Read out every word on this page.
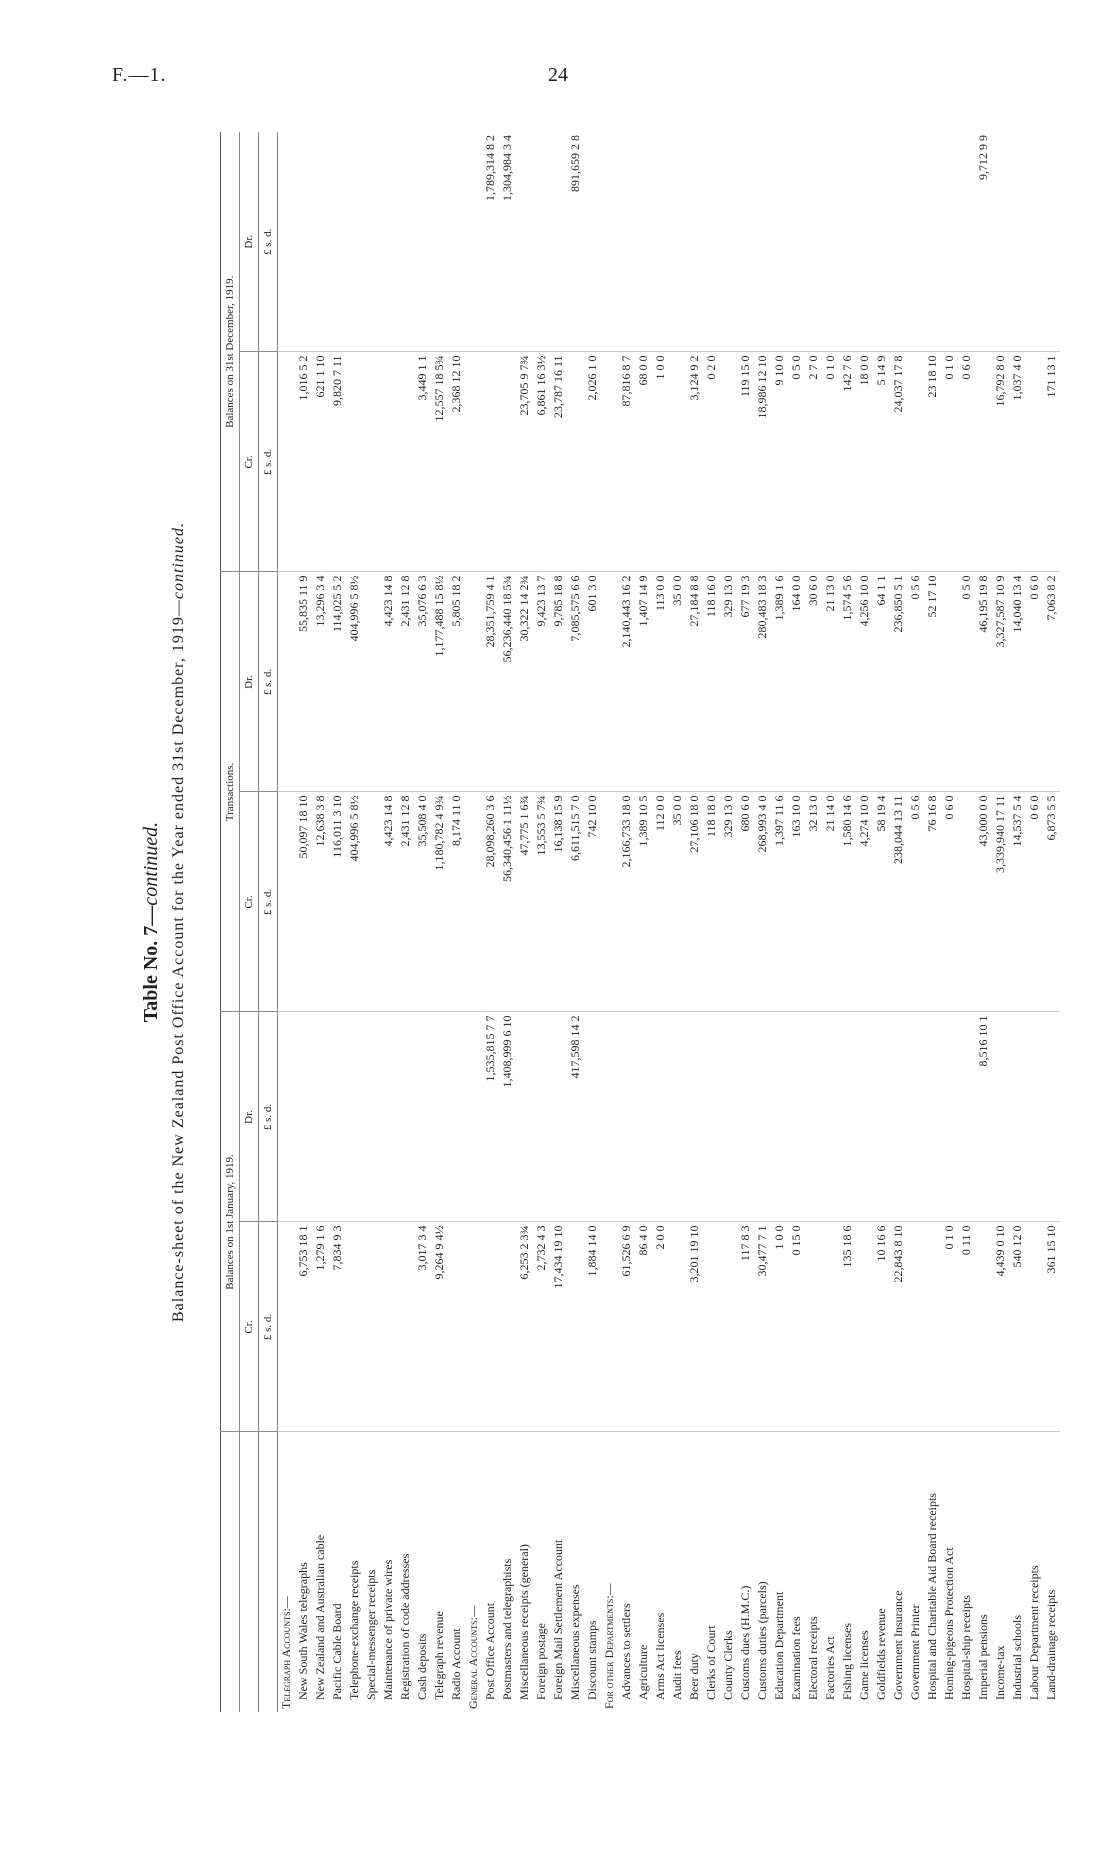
F.—1.	24
Table No. 7—continued. Balance-sheet of the New Zealand Post Office Account for the Year ended 31st December, 1919—continued.
	Balances on 1st January, 1919.		Transactions.		Balances on 31st December, 1919.	
	Cr.	Dr.	Cr.	Dr.	Cr.	Dr.
	£ s. d.	£ s. d.	£ s. d.	£ s. d.	£ s. d.	£ s. d.
Telegraph Accounts:—						
New South Wales telegraphs	6,753 18 1		50,097 18 10	55,835 11 9	1,016 5 2	
New Zealand and Australian cable	1,279 1 6		12,638 3 8	13,296 3 4	621 1 10	
Pacific Cable Board	7,834 9 3		116,011 3 10	114,025 5 2	9,820 7 11	
Telephone-exchange receipts			404,996 5 8½	404,996 5 8½		
Special-messenger receipts						
Maintenance of private wires			4,423 14 8	4,423 14 8		
Registration of code addresses			2,431 12 8	2,431 12 8		
Cash deposits	3,017 3 4		35,508 4 0	35,076 6 3	3,449 1 1	
Telegraph revenue	9,264 9 4½		1,180,782 4 9¾	1,177,488 15 8½	12,557 18 5¾	
Radio Account			8,174 11 0	5,805 18 2	2,368 12 10	
General Accounts:—						
Post Office Account		1,535,815 7 7	28,098,260 3 6	28,351,759 4 1		1,789,314 8 2
Postmasters and telegraphists		1,408,999 6 10	56,340,456 1 11½	56,236,440 18 5¾		1,304,984 3 4
Miscellaneous receipts (general)	6,253 2 3¾		47,775 1 6¾	30,322 14 2¾	23,705 9 7¾	
Foreign postage	2,732 4 3		13,553 5 7¾	9,423 13 7	6,861 16 3½	
Foreign Mail Settlement Account	17,434 19 10		16,138 15 9	9,785 18 8	23,787 16 11	
Miscellaneous expenses		417,598 14 2	6,611,515 7 0	7,085,575 6 6		891,659 2 8
Discount stamps	1,884 14 0		742 10 0	601 3 0	2,026 1 0	
For other Departments:—						
Advances to settlers	61,526 6 9		2,166,733 18 0	2,140,443 16 2	87,816 8 7	
Agriculture	86 4 0		1,389 10 5	1,407 14 9	68 0 0	
Arms Act licenses	2 0 0		112 0 0	113 0 0	1 0 0	
Audit fees			35 0 0	35 0 0		
Beer duty	3,201 19 10		27,106 18 0	27,184 8 8	3,124 9 2	
Clerks of Court			118 18 0	118 16 0	0 2 0	
County Clerks			329 13 0	329 13 0		
Customs dues (H.M.C.)	117 8 3		680 6 0	677 19 3	119 15 0	
Customs duties (parcels)	30,477 7 1		268,993 4 0	280,483 18 3	18,986 12 10	
Education Department	1 0 0		1,397 11 6	1,389 1 6	9 10 0	
Examination fees	0 15 0		163 10 0	164 0 0	0 5 0	
Electoral receipts			32 13 0	30 6 0	2 7 0	
Factories Act			21 14 0	21 13 0	0 1 0	
Fishing licenses	135 18 6		1,580 14 6	1,574 5 6	142 7 6	
Game licenses			4,274 10 0	4,256 10 0	18 0 0	
Goldfields revenue	10 16 6		58 19 4	64 1 1	5 14 9	
Government Insurance	22,843 8 10		238,044 13 11	236,850 5 1	24,037 17 8	
Government Printer			0 5 6	0 5 6		
Hospital and Charitable Aid Board receipts			76 16 8	52 17 10	23 18 10	
Homing-pigeons Protection Act	0 1 0		0 6 0		0 1 0	
Hospital-ship receipts	0 11 0			0 5 0	0 6 0	
Imperial pensions		8,516 10 1	43,000 0 0	46,195 19 8		9,712 9 9
Income-tax	4,439 0 10		3,339,940 17 11	3,327,587 10 9	16,792 8 0	
Industrial schools	540 12 0		14,537 5 4	14,040 13 4	1,037 4 0	
Labour Department receipts			0 6 0	0 6 0		
Land-drainage receipts	361 15 10		6,873 5 5	7,063 8 2	171 13 1	
